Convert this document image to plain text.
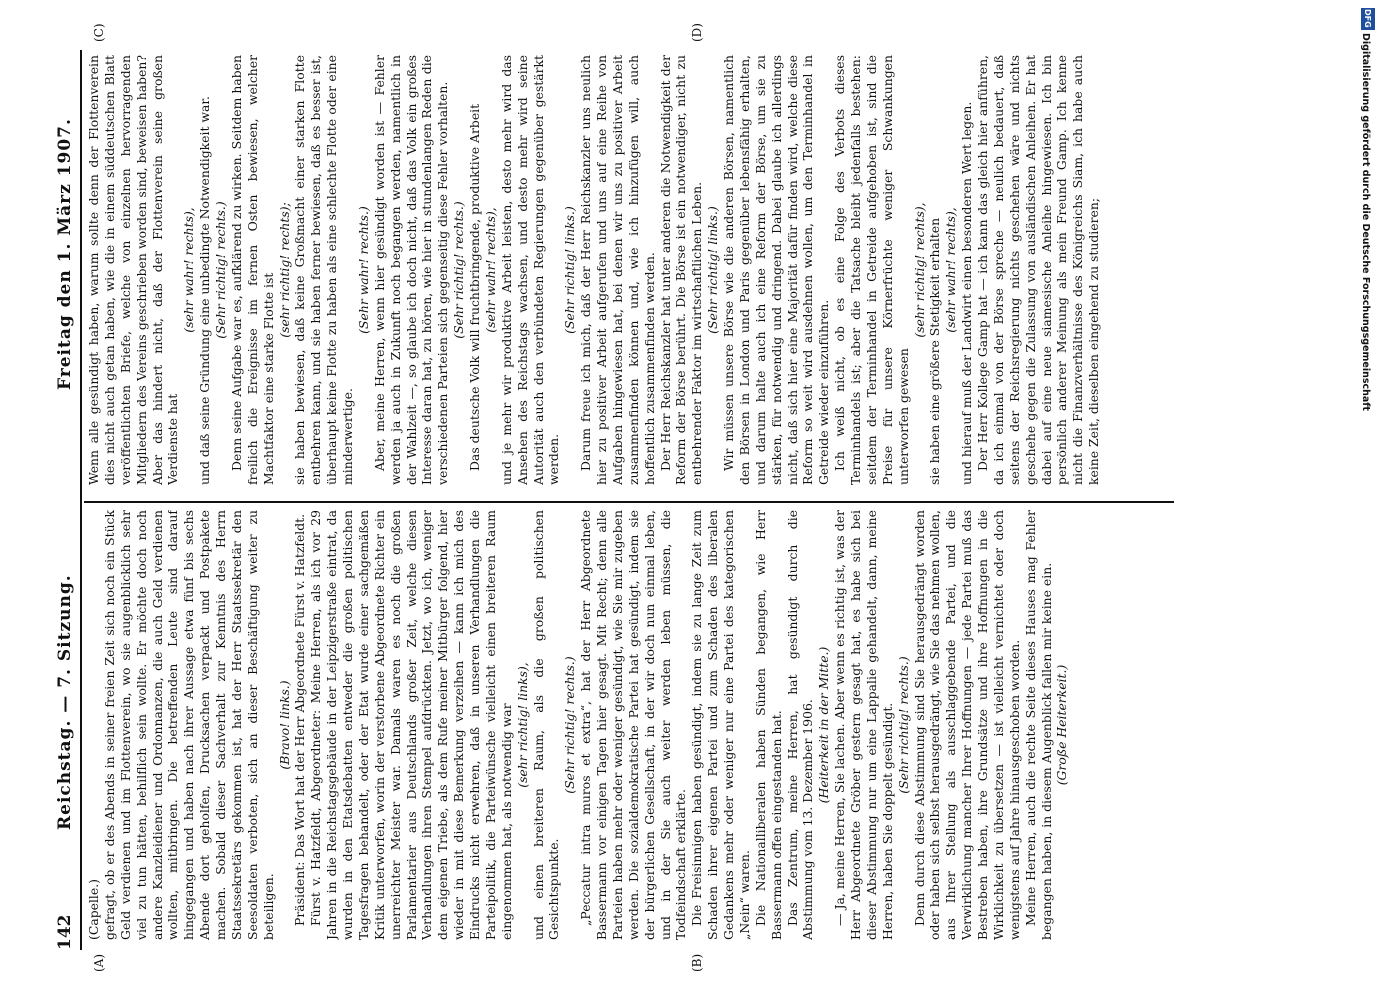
142
Reichstag. — 7. Sitzung.
Freitag den 1. März 1907.
(A)	(B)
(C)	(D)

(Capelle.) gefragt, ob er des Abends in seiner freien Zeit sich noch ein Stück Geld verdienen und im Flottenverein, wo sie augenblicklich sehr viel zu tun hätten, behilflich sein wollte. Er möchte doch noch andere Kanzleidiener und Ordonnanzen, die auch Geld verdienen wollten, mitbringen. Die betreffenden Leute sind darauf hingegangen und haben nach ihrer Aussage etwa fünf bis sechs Abende dort geholfen, Drucksachen verpackt und Postpakete machen. Sobald dieser Sachverhalt zur Kenntnis des Herrn Staatssekretärs gekommen ist, hat der Herr Staatssekretär den Seesoldaten verboten, sich an dieser Beschäftigung weiter zu beteiligen.

(Bravo! links.) Präsident: Das Wort hat der Herr Abgeordnete Fürst v. Hatzfeldt. Fürst v. Hatzfeldt, Abgeordneter: Meine Herren, als ich vor 29 Jahren in die Reichstagsgebäude in der Leipzigerstraße eintrat, da wurden in den Etatsdebatten entweder die großen politischen Tagesfragen behandelt, oder der Etat wurde einer sachgemäßen Kritik unterworfen, worin der verstorbene Abgeordnete Richter ein unerreichter Meister war. Damals waren es noch die großen Parlamentarier aus Deutschlands großer Zeit, welche diesen Verhandlungen ihren Stempel aufdrückten. Jetzt, wo ich, weniger dem eigenen Triebe, als dem Rufe meiner Mitbürger folgend, hier wieder in mit diese Bemerkung verzeihen — kann ich mich des Eindrucks nicht erwehren, daß in unseren Verhandlungen die Parteipolitik, die Parteiwünsche vielleicht einen breiteren Raum eingenommen hat, als notwendig war (sehr richtig! links), und einen breiteren Raum, als die großen politischen Gesichtspunkte.

(Sehr richtig! rechts.) „Peccatur intra muros et extra“, hat der Herr Abgeordnete Bassermann vor einigen Tagen hier gesagt. Mit Recht; denn alle Parteien haben mehr oder weniger gesündigt, wie Sie mir zugeben werden. Die sozialdemokratische Partei hat gesündigt, indem sie der bürgerlichen Gesellschaft, in der wir doch nun einmal leben, und in der Sie auch weiter werden leben müssen, die Todfeindschaft erklärte. Die Freisinnigen haben gesündigt, indem sie zu lange Zeit zum Schaden ihrer eigenen Partei und zum Schaden des liberalen Gedankens mehr oder weniger nur eine Partei des kategorischen „Nein“ waren. Die Nationalliberalen haben Sünden begangen, wie Herr Bassermann offen eingestanden hat. Das Zentrum, meine Herren, hat gesündigt durch die Abstimmung vom 13. Dezember 1906. (Heiterkeit in der Mitte.) — Ja, meine Herren, Sie lachen. Aber wenn es richtig ist, was der Herr Abgeordnete Gröber gestern gesagt hat, es habe sich bei dieser Abstimmung nur um eine Lappalie gehandelt, dann, meine Herren, haben Sie doppelt gesündigt. (Sehr richtig! rechts.) Denn durch diese Abstimmung sind Sie herausgedrängt worden oder haben sich selbst herausgedrängt, wie Sie das nehmen wollen, aus Ihrer Stellung als ausschlaggebende Partei, und die Verwirklichung mancher Ihrer Hoffnungen — jede Partei muß das Bestreben haben, ihre Grundsätze und ihre Hoffnungen in die Wirklichkeit zu übersetzen — ist vielleicht vernichtet oder doch wenigstens auf Jahre hinausgeschoben worden. Meine Herren, auch die rechte Seite dieses Hauses mag Fehler begangen haben, in diesem Augenblick fallen mir keine ein. (Große Heiterkeit.)

Wenn alle gesündigt haben, warum sollte denn der Flottenverein dies nicht auch getan haben, wie die in einem süddeutschen Blatt veröffentlichten Briefe, welche von einzelnen hervorragenden Mitgliedern des Vereins geschrieben worden sind, beweisen haben? Aber das hindert nicht, daß der Flottenverein seine großen Verdienste hat

(sehr wahr! rechts), und daß seine Gründung eine unbedingte Notwendigkeit war. (Sehr richtig! rechts.) Denn seine Aufgabe war es, aufklärend zu wirken. Seitdem haben freilich die Ereignisse im fernen Osten bewiesen, welcher Machtfaktor eine starke Flotte ist

(sehr richtig! rechts); sie haben bewiesen, daß keine Großmacht einer starken Flotte entbehren kann, und sie haben ferner bewiesen, daß es besser ist, überhaupt keine Flotte zu haben als eine schlechte Flotte oder eine minderwertige.

(Sehr wahr! rechts.) Aber, meine Herren, wenn hier gesündigt worden ist — Fehler werden ja auch in Zukunft noch begangen werden, namentlich in der Wahlzeit —, so glaube ich doch nicht, daß das Volk ein großes Interesse daran hat, zu hören, wie hier in stundenlangen Reden die verschiedenen Parteien sich gegenseitig diese Fehler vorhalten. (Sehr richtig! rechts.) Das deutsche Volk will fruchtbringende, produktive Arbeit (sehr wahr! rechts), und je mehr wir produktive Arbeit leisten, desto mehr wird das Ansehen des Reichstags wachsen, und desto mehr wird seine Autorität auch den verbündeten Regierungen gegenüber gestärkt werden.

(Sehr richtig! links.) Darum freue ich mich, daß der Herr Reichskanzler uns neulich hier zu positiver Arbeit aufgerufen und uns auf eine Reihe von Aufgaben hingewiesen hat, bei denen wir uns zu positiver Arbeit zusammenfinden können und, wie ich hinzufügen will, auch hoffentlich zusammenfinden werden. Der Herr Reichskanzler hat unter anderen die Notwendigkeit der Reform der Börse berührt. Die Börse ist ein notwendiger, nicht zu entbehrender Faktor im wirtschaftlichen Leben. (Sehr richtig! links.) Wir müssen unsere Börse wie die anderen Börsen, namentlich den Börsen in London und Paris gegenüber lebensfähig erhalten, und darum halte auch ich eine Reform der Börse, um sie zu stärken, für notwendig und dringend. Dabei glaube ich allerdings nicht, daß sich hier eine Majorität dafür finden wird, welche diese Reform so weit wird ausdehnen wollen, um den Terminhandel in Getreide wieder einzuführen. Ich weiß nicht, ob es eine Folge des Verbots dieses Terminhandels ist; aber die Tatsache bleibt jedenfalls bestehen: seitdem der Terminhandel in Getreide aufgehoben ist, sind die Preise für unsere Körnerfrüchte weniger Schwankungen unterworfen gewesen

(sehr richtig! rechts), sie haben eine größere Stetigkeit erhalten (sehr wahr! rechts), und hierauf muß der Landwirt einen besonderen Wert legen. Der Herr Kollege Gamp hat — ich kann das gleich hier anführen, da ich einmal von der Börse spreche — neulich bedauert, daß seitens der Reichsregierung nichts geschehen wäre und nichts geschehe gegen die Zulassung von ausländischen Anleihen. Er hat dabei auf eine neue siamesische Anleihe hingewiesen. Ich bin persönlich anderer Meinung als mein Freund Gamp. Ich kenne nicht die Finanzverhältnisse des Königreichs Siam, ich habe auch keine Zeit, dieselben eingehend zu studieren;

DFG
Digitalisierung gefördert durch die Deutsche Forschungsgemeinschaft
